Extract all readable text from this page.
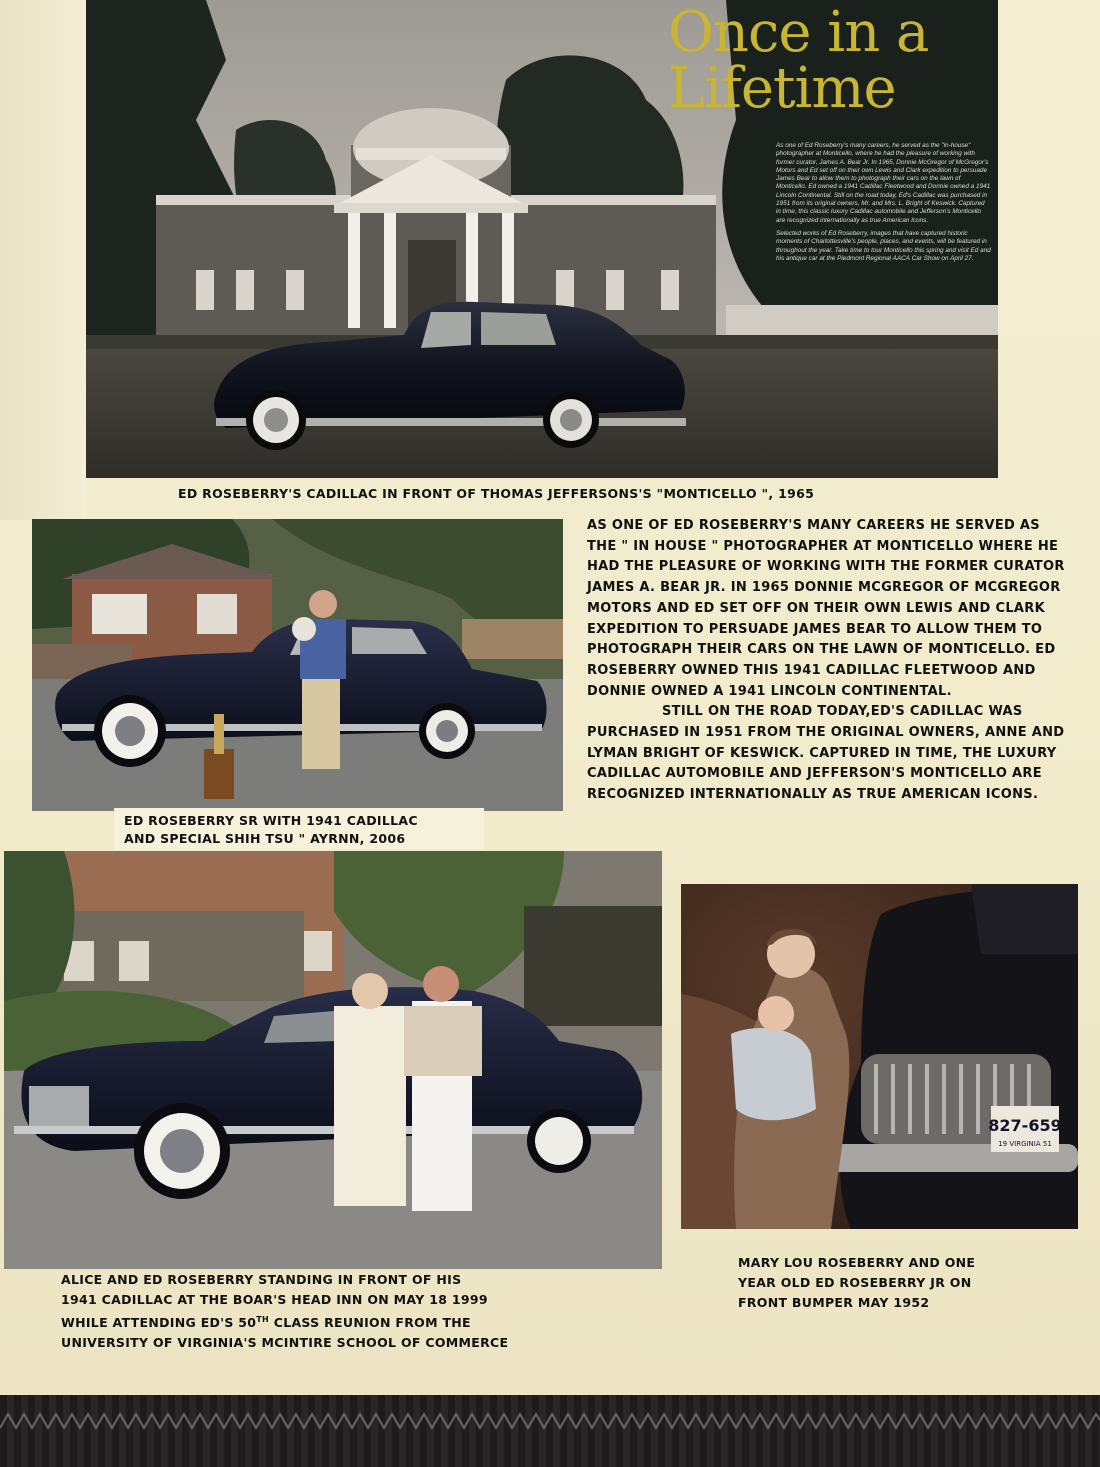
Once in a
Lifetime

As one of Ed Roseberry's many careers, he served as the "in-house" photographer at Monticello, where he had the pleasure of working with former curator, James A. Bear Jr. In 1965, Donnie McGregor of McGregor's Motors and Ed set off on their own Lewis and Clark expedition to persuade James Bear to allow them to photograph their cars on the lawn of Monticello. Ed owned a 1941 Cadillac Fleetwood and Donnie owned a 1941 Lincoln Continental. Still on the road today, Ed's Cadillac was purchased in 1951 from its original owners, Mr. and Mrs. L. Bright of Keswick. Captured in time, this classic luxury Cadillac automobile and Jefferson's Monticello are recognized internationally as true American Icons.

Selected works of Ed Roseberry, images that have captured historic moments of Charlottesville's people, places, and events, will be featured in throughout the year. Take time to tour Monticello this spring and visit Ed and his antique car at the Piedmont Regional AACA Car Show on April 27.

ED ROSEBERRY'S CADILLAC IN FRONT OF THOMAS JEFFERSONS'S "MONTICELLO ", 1965
ED ROSEBERRY SR WITH 1941 CADILLAC
AND SPECIAL SHIH TSU " AYRNN, 2006

AS ONE OF ED ROSEBERRY'S MANY CAREERS HE SERVED AS THE " IN HOUSE " PHOTOGRAPHER AT MONTICELLO WHERE HE HAD THE PLEASURE OF WORKING WITH THE FORMER CURATOR JAMES A. BEAR JR. IN 1965 DONNIE MCGREGOR OF MCGREGOR MOTORS AND ED SET OFF ON THEIR OWN LEWIS AND CLARK EXPEDITION TO PERSUADE JAMES BEAR TO ALLOW THEM TO PHOTOGRAPH THEIR CARS ON THE LAWN OF MONTICELLO. ED ROSEBERRY OWNED THIS 1941 CADILLAC FLEETWOOD AND DONNIE OWNED A 1941 LINCOLN CONTINENTAL.

STILL ON THE ROAD TODAY,ED'S CADILLAC WAS PURCHASED IN 1951 FROM THE ORIGINAL OWNERS, ANNE AND LYMAN BRIGHT OF KESWICK. CAPTURED IN TIME, THE LUXURY CADILLAC AUTOMOBILE AND JEFFERSON'S MONTICELLO ARE RECOGNIZED INTERNATIONALLY AS TRUE AMERICAN ICONS.

ALICE AND ED ROSEBERRY STANDING IN FRONT OF HIS
1941 CADILLAC AT THE BOAR'S HEAD INN ON MAY 18 1999
WHILE ATTENDING ED'S 50TH CLASS REUNION FROM THE
UNIVERSITY OF VIRGINIA'S MCINTIRE SCHOOL OF COMMERCE
827-659
19 VIRGINIA 51
MARY LOU ROSEBERRY AND ONE
YEAR OLD ED ROSEBERRY JR ON
FRONT BUMPER MAY 1952
